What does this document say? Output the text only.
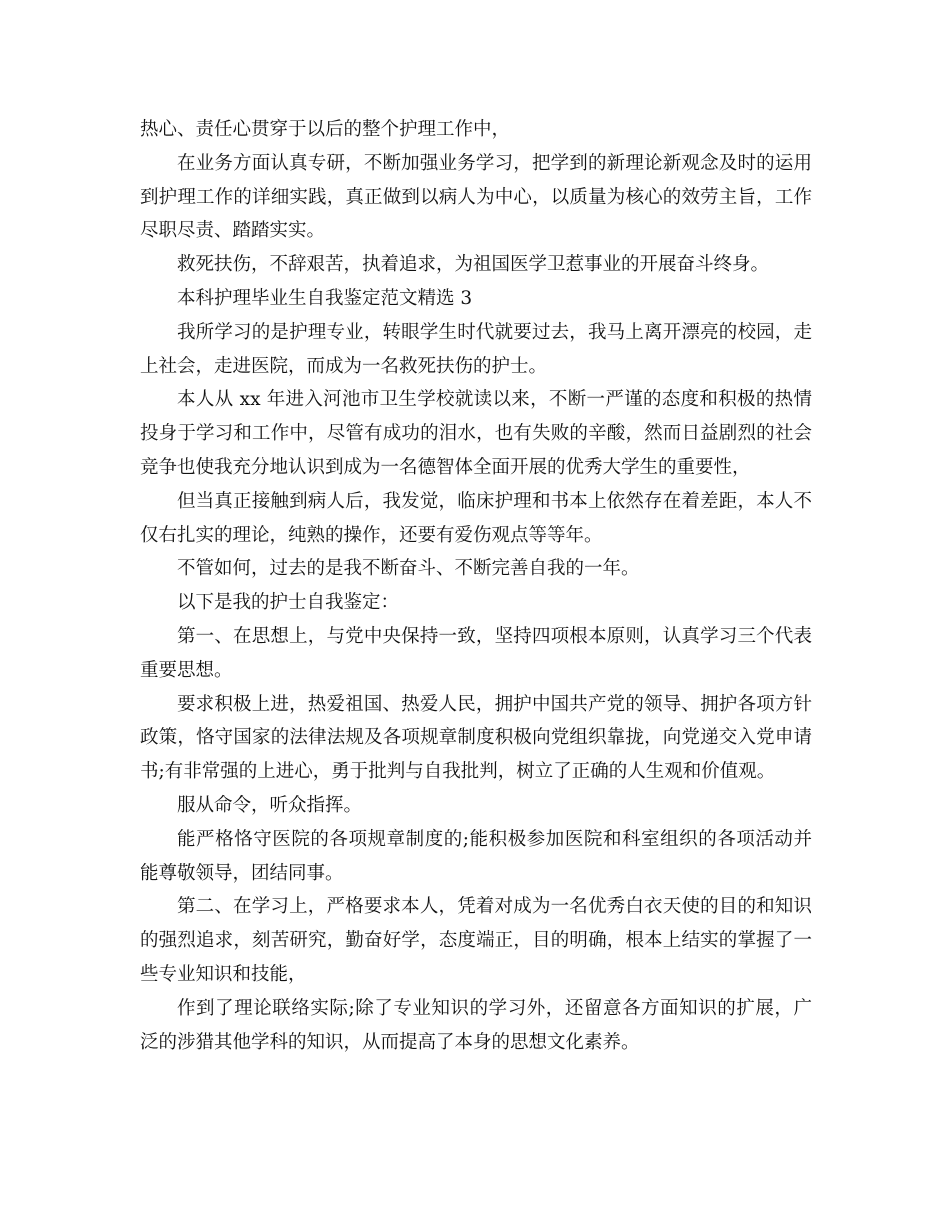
热心、责任心贯穿于以后的整个护理工作中，

在业务方面认真专研，不断加强业务学习，把学到的新理论新观念及时的运用到护理工作的详细实践，真正做到以病人为中心，以质量为核心的效劳主旨，工作尽职尽责、踏踏实实。

救死扶伤，不辞艰苦，执着追求，为祖国医学卫惹事业的开展奋斗终身。

本科护理毕业生自我鉴定范文精选 3

我所学习的是护理专业，转眼学生时代就要过去，我马上离开漂亮的校园，走上社会，走进医院，而成为一名救死扶伤的护士。

本人从 xx 年进入河池市卫生学校就读以来，不断一严谨的态度和积极的热情投身于学习和工作中，尽管有成功的泪水，也有失败的辛酸，然而日益剧烈的社会竞争也使我充分地认识到成为一名德智体全面开展的优秀大学生的重要性，

但当真正接触到病人后，我发觉，临床护理和书本上依然存在着差距，本人不仅右扎实的理论，纯熟的操作，还要有爱伤观点等等年。

不管如何，过去的是我不断奋斗、不断完善自我的一年。

以下是我的护士自我鉴定：

第一、在思想上，与党中央保持一致，坚持四项根本原则，认真学习三个代表重要思想。

要求积极上进，热爱祖国、热爱人民，拥护中国共产党的领导、拥护各项方针政策，恪守国家的法律法规及各项规章制度积极向党组织靠拢，向党递交入党申请书;有非常强的上进心，勇于批判与自我批判，树立了正确的人生观和价值观。

服从命令，听众指挥。

能严格恪守医院的各项规章制度的;能积极参加医院和科室组织的各项活动并能尊敬领导，团结同事。

第二、在学习上，严格要求本人，凭着对成为一名优秀白衣天使的目的和知识的强烈追求，刻苦研究，勤奋好学，态度端正，目的明确，根本上结实的掌握了一些专业知识和技能，

作到了理论联络实际;除了专业知识的学习外，还留意各方面知识的扩展，广泛的涉猎其他学科的知识，从而提高了本身的思想文化素养。
